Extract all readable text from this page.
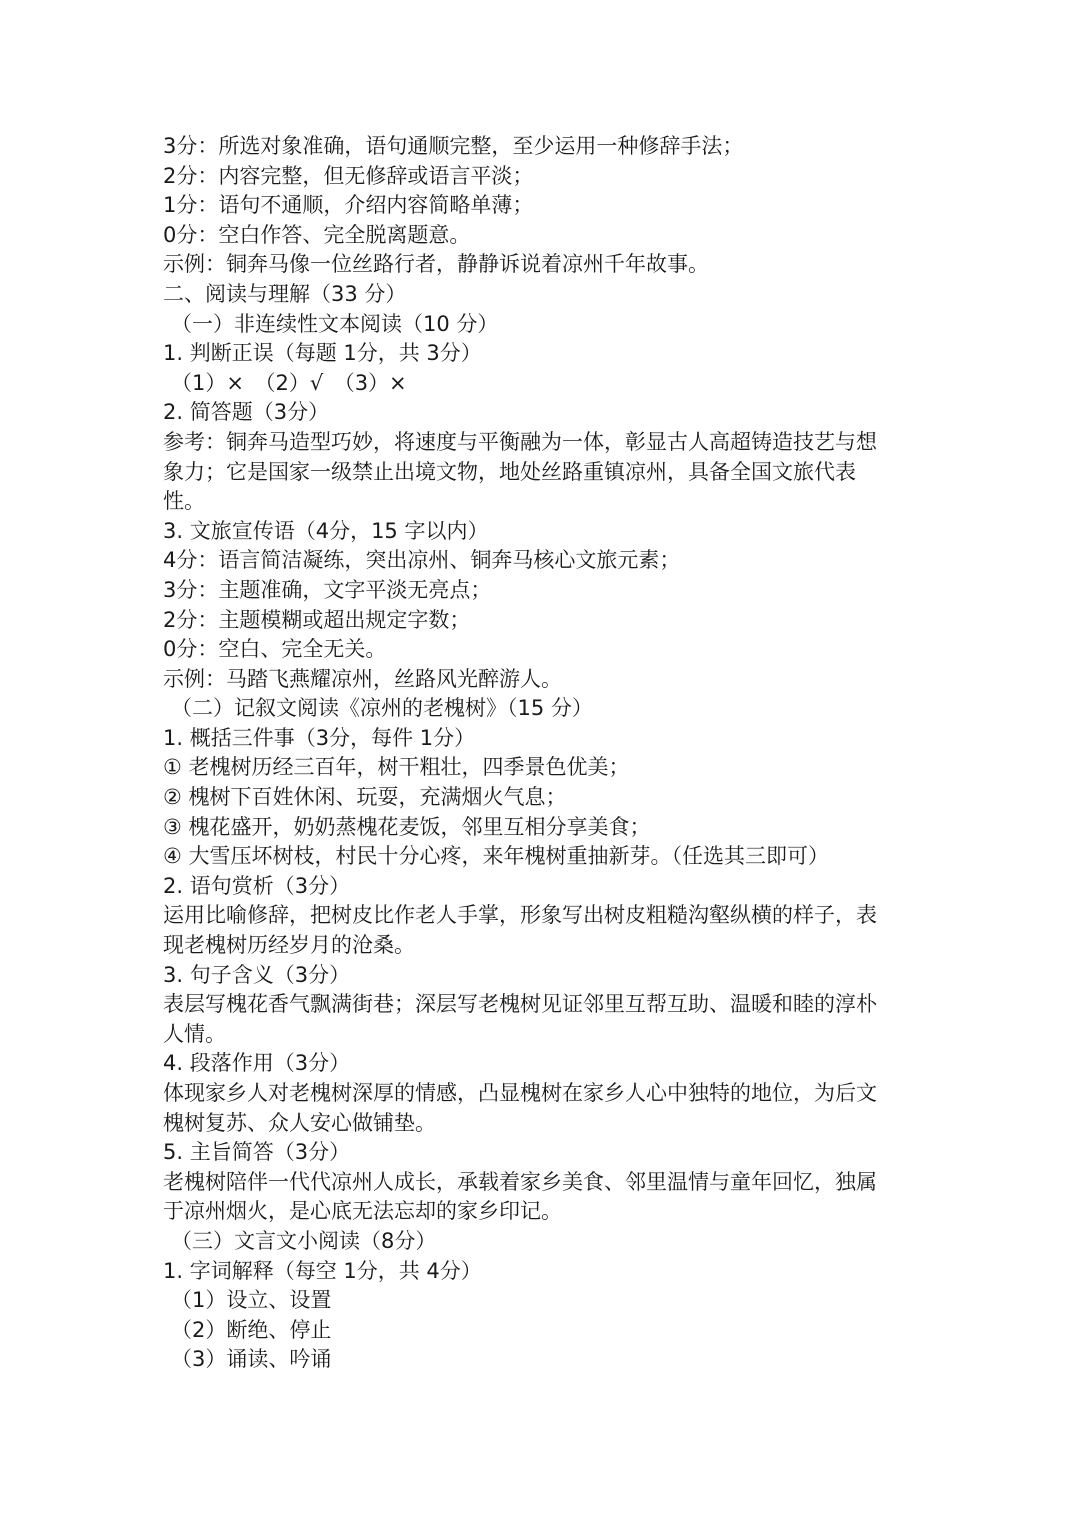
3分：所选对象准确，语句通顺完整，至少运用一种修辞手法；
2分：内容完整，但无修辞或语言平淡；
1分：语句不通顺，介绍内容简略单薄；
0分：空白作答、完全脱离题意。
示例：铜奔马像一位丝路行者，静静诉说着凉州千年故事。
二、阅读与理解（33 分）
（一）非连续性文本阅读（10 分）
1. 判断正误（每题 1分，共 3分）
（1）×　（2）√　（3）×
2. 简答题（3分）
参考：铜奔马造型巧妙，将速度与平衡融为一体，彰显古人高超铸造技艺与想
象力；它是国家一级禁止出境文物，地处丝路重镇凉州，具备全国文旅代表
性。
3. 文旅宣传语（4分，15 字以内）
4分：语言简洁凝练，突出凉州、铜奔马核心文旅元素；
3分：主题准确，文字平淡无亮点；
2分：主题模糊或超出规定字数；
0分：空白、完全无关。
示例：马踏飞燕耀凉州，丝路风光醉游人。
（二）记叙文阅读《凉州的老槐树》（15 分）
1. 概括三件事（3分，每件 1分）
① 老槐树历经三百年，树干粗壮，四季景色优美；
② 槐树下百姓休闲、玩耍，充满烟火气息；
③ 槐花盛开，奶奶蒸槐花麦饭，邻里互相分享美食；
④ 大雪压坏树枝，村民十分心疼，来年槐树重抽新芽。（任选其三即可）
2. 语句赏析（3分）
运用比喻修辞，把树皮比作老人手掌，形象写出树皮粗糙沟壑纵横的样子，表
现老槐树历经岁月的沧桑。
3. 句子含义（3分）
表层写槐花香气飘满街巷；深层写老槐树见证邻里互帮互助、温暖和睦的淳朴
人情。
4. 段落作用（3分）
体现家乡人对老槐树深厚的情感，凸显槐树在家乡人心中独特的地位，为后文
槐树复苏、众人安心做铺垫。
5. 主旨简答（3分）
老槐树陪伴一代代凉州人成长，承载着家乡美食、邻里温情与童年回忆，独属
于凉州烟火，是心底无法忘却的家乡印记。
（三）文言文小阅读（8分）
1. 字词解释（每空 1分，共 4分）
（1）设立、设置
（2）断绝、停止
（3）诵读、吟诵
